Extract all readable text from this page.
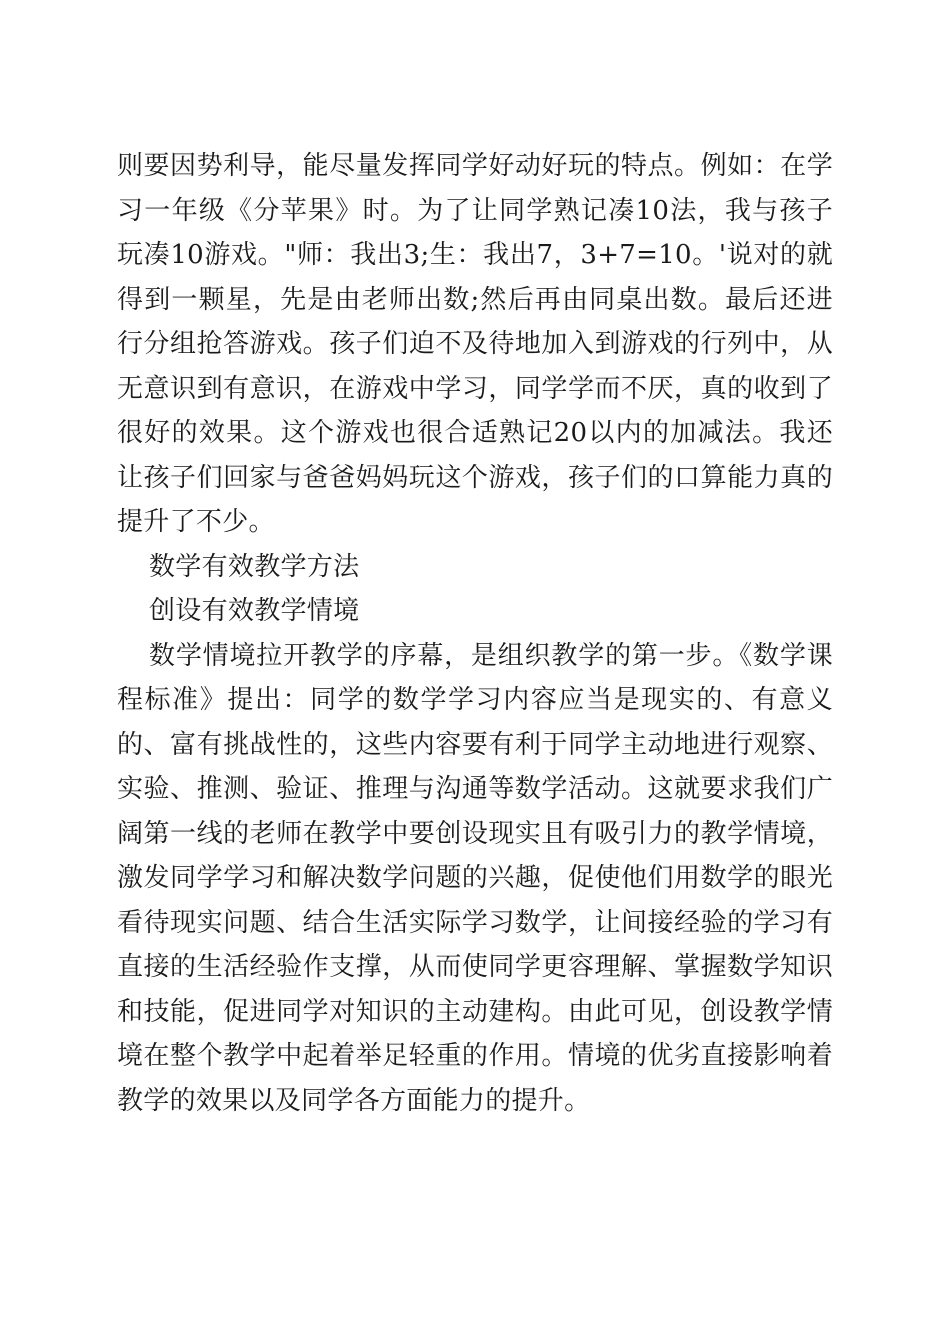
则要因势利导，能尽量发挥同学好动好玩的特点。例如：在学习一年级《分苹果》时。为了让同学熟记凑10法，我与孩子玩凑10游戏。"师：我出3;生：我出7，3+7=10。'说对的就得到一颗星，先是由老师出数;然后再由同桌出数。最后还进行分组抢答游戏。孩子们迫不及待地加入到游戏的行列中，从无意识到有意识，在游戏中学习，同学学而不厌，真的收到了很好的效果。这个游戏也很合适熟记20以内的加减法。我还让孩子们回家与爸爸妈妈玩这个游戏，孩子们的口算能力真的提升了不少。

数学有效教学方法

创设有效教学情境

数学情境拉开教学的序幕，是组织教学的第一步。《数学课程标准》提出：同学的数学学习内容应当是现实的、有意义的、富有挑战性的，这些内容要有利于同学主动地进行观察、实验、推测、验证、推理与沟通等数学活动。这就要求我们广阔第一线的老师在教学中要创设现实且有吸引力的教学情境，激发同学学习和解决数学问题的兴趣，促使他们用数学的眼光看待现实问题、结合生活实际学习数学，让间接经验的学习有直接的生活经验作支撑，从而使同学更容理解、掌握数学知识和技能，促进同学对知识的主动建构。由此可见，创设教学情境在整个教学中起着举足轻重的作用。情境的优劣直接影响着教学的效果以及同学各方面能力的提升。
